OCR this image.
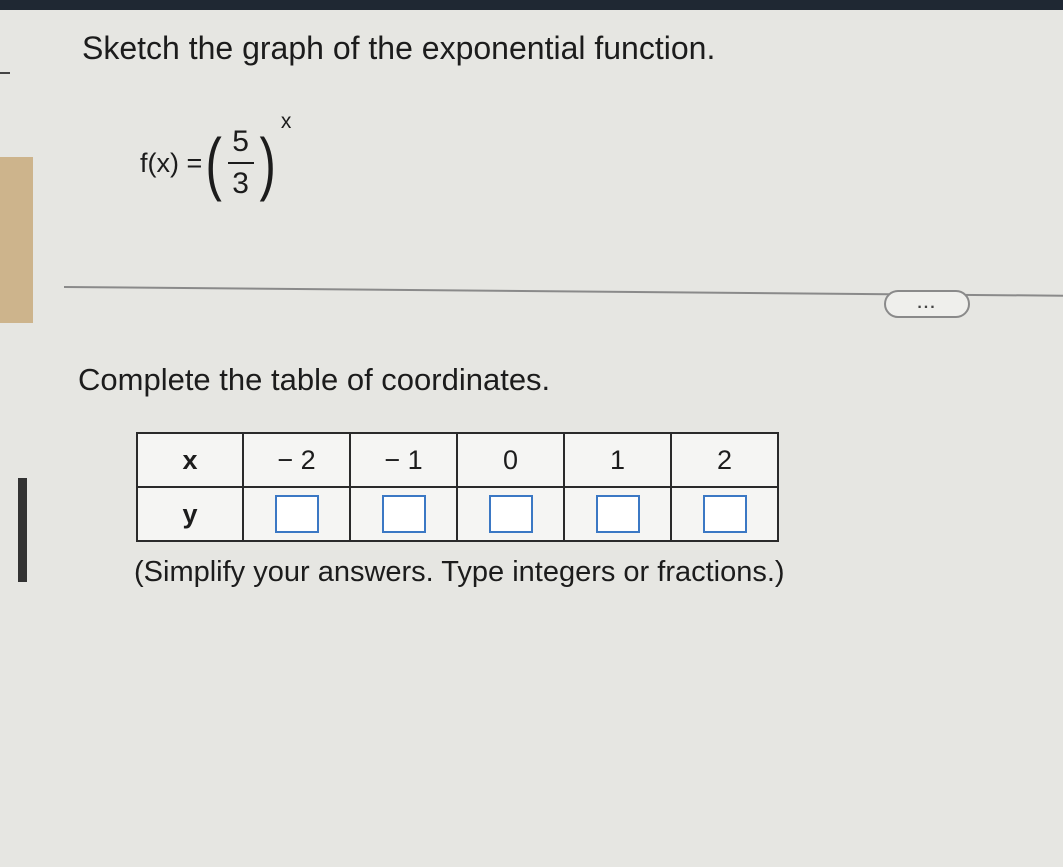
Sketch the graph of the exponential function.
f(x) = ( $\frac{5}{3}$ )
x
...
Complete the table of coordinates.
x	− 2	− 1	0	1	2
y					
(Simplify your answers. Type integers or fractions.)
